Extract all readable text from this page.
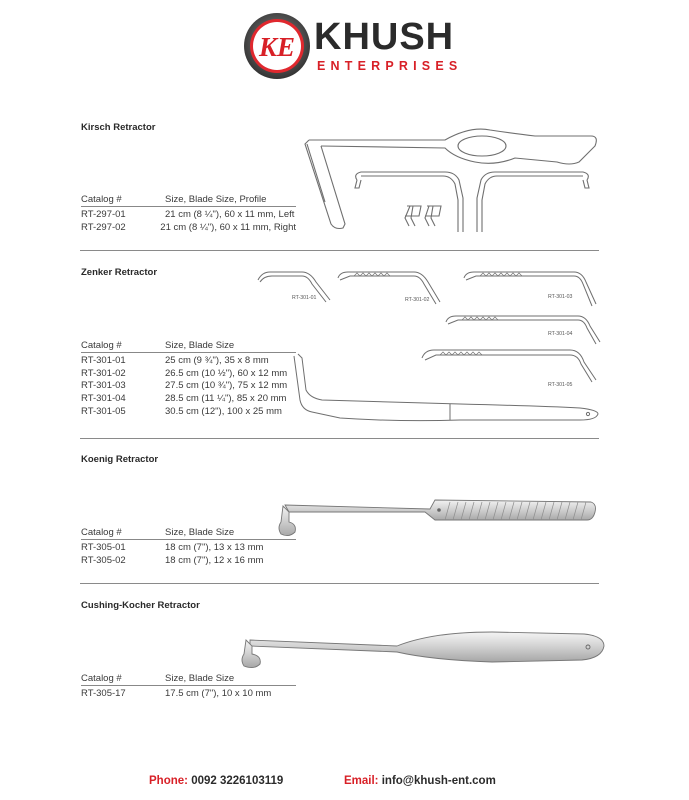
KE KHUSH
ENTERPRISES
Kirsch Retractor
Catalog #	Size, Blade Size, Profile
RT-297-01	21 cm (8 ¼"), 60 x 11 mm, Left
RT-297-02	21 cm (8 ¼"), 60 x 11 mm, Right
Zenker Retractor
Catalog #	Size, Blade Size
RT-301-01	25 cm (9 ¾"), 35 x 8 mm
RT-301-02	26.5 cm (10 ½"), 60 x 12 mm
RT-301-03	27.5 cm (10 ¾"), 75 x 12 mm
RT-301-04	28.5 cm (11 ¼"), 85 x 20 mm
RT-301-05	30.5 cm (12"), 100 x 25 mm
RT-301-01	RT-301-02	RT-301-03
RT-301-04
RT-301-05
Koenig Retractor
Catalog #	Size, Blade Size
RT-305-01	18 cm (7"), 13 x 13 mm
RT-305-02	18 cm (7"), 12 x 16 mm
Cushing-Kocher Retractor
Catalog #	Size, Blade Size
RT-305-17	17.5 cm (7"), 10 x 10 mm
Phone: 0092 3226103119	Email: info@khush-ent.com
